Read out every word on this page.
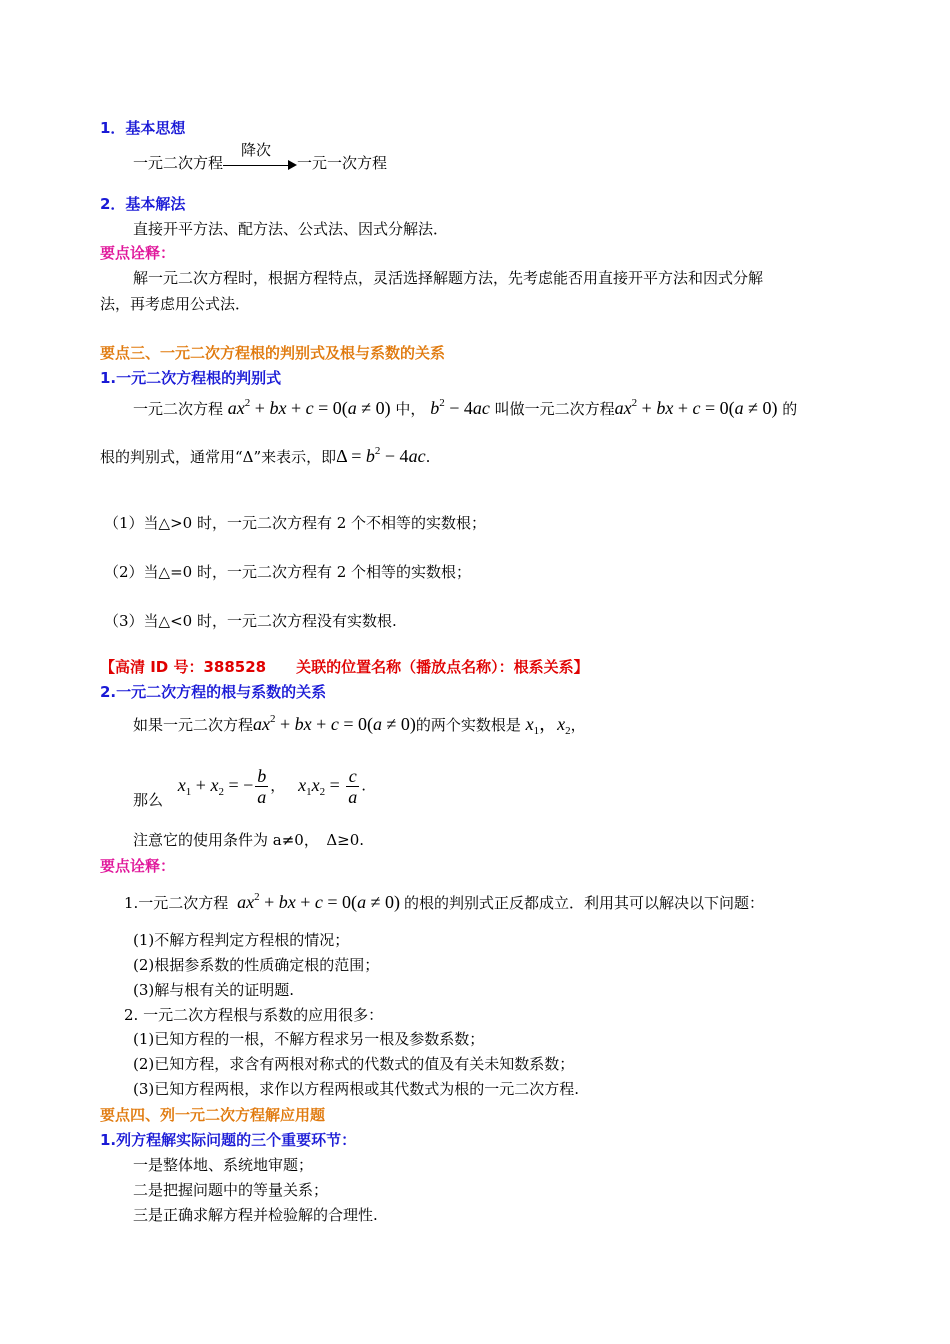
1．基本思想
一元二次方程
降次
一元一次方程
2．基本解法
直接开平方法、配方法、公式法、因式分解法．
要点诠释：
解一元二次方程时，根据方程特点，灵活选择解题方法，先考虑能否用直接开平方法和因式分解
法，再考虑用公式法．
要点三、一元二次方程根的判别式及根与系数的关系
1.一元二次方程根的判别式
一元二次方程 $ax^2$ + bx + c = 0(a ≠ 0) 中， $b^2 - 4ac$ 叫做一元二次方程$ax^2$ + bx + c = 0(a ≠ 0) 的
根的判别式，通常用“Δ”来表示，即$\Delta = b^2 - 4ac$.
（1）当△>0 时，一元二次方程有 2 个不相等的实数根；
（2）当△=0 时，一元二次方程有 2 个相等的实数根；
（3）当△<0 时，一元二次方程没有实数根.
【高清 ID 号：388528　　关联的位置名称（播放点名称）：根系关系】
2.一元二次方程的根与系数的关系
如果一元二次方程$ax^2$ + bx + c = 0(a ≠ 0)的两个实数根是 $x_1$，$x_2$，
那么 $x_1 + x_2$ = − $\frac{b}{a}$ ， $x_1x_2 = \frac{c}{a}$ .
注意它的使用条件为 a≠0，　Δ≥0.
要点诠释：
1.一元二次方程 $ax^2$ + bx + c = 0(a ≠ 0) 的根的判别式正反都成立．利用其可以解决以下问题：
(1)不解方程判定方程根的情况；
(2)根据参系数的性质确定根的范围；
(3)解与根有关的证明题.
2. 一元二次方程根与系数的应用很多：
(1)已知方程的一根，不解方程求另一根及参数系数；
(2)已知方程，求含有两根对称式的代数式的值及有关未知数系数；
(3)已知方程两根，求作以方程两根或其代数式为根的一元二次方程.
要点四、列一元二次方程解应用题
1.列方程解实际问题的三个重要环节：
一是整体地、系统地审题；
二是把握问题中的等量关系；
三是正确求解方程并检验解的合理性.
